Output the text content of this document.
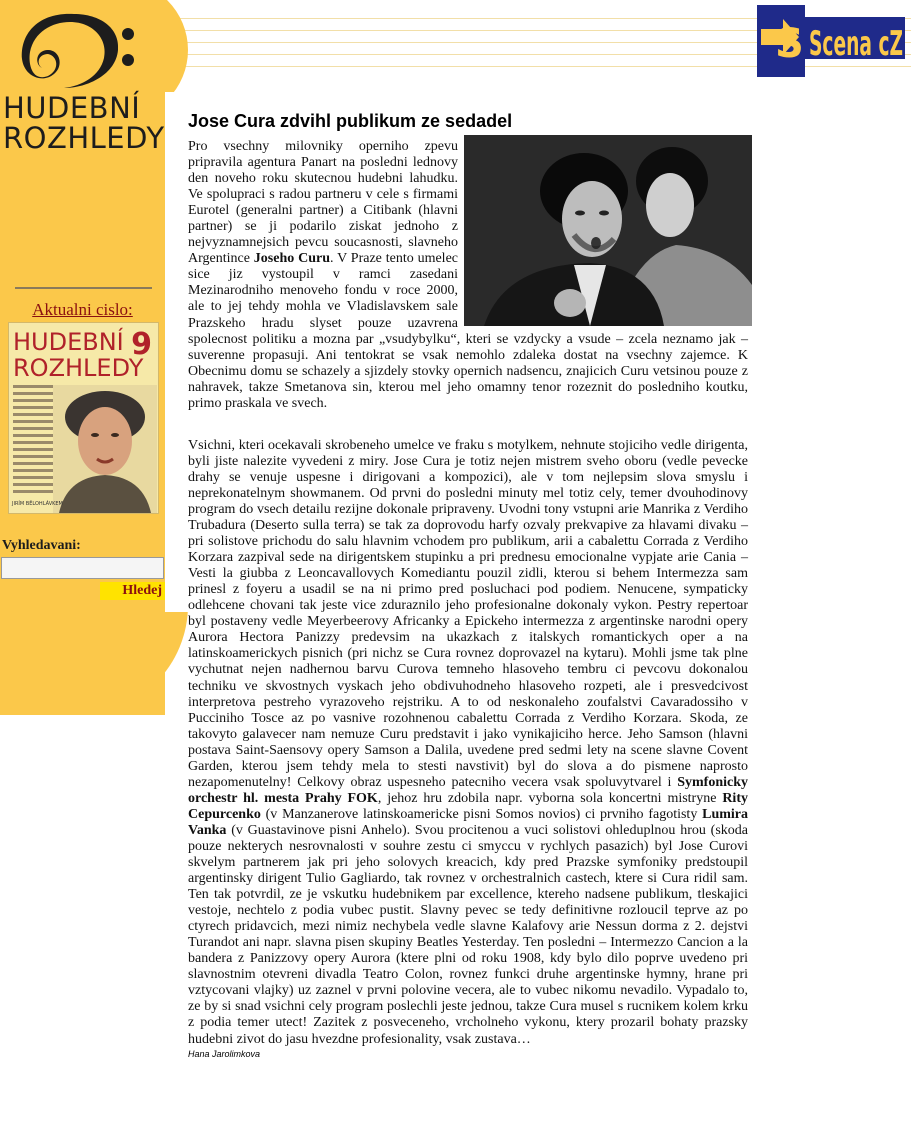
HUDEBNÍ
ROZHLEDY
Aktualni cislo:
HUDEBNÍ
ROZHLEDY
9
JIRÍM BĚLOHLÁVKEM
Vyhledavani:
Hledej
S Scena cZ
Jose Cura zdvihl publikum ze sedadel

Pro vsechny milovniky operniho zpevu pripravila agentura Panart na posledni lednovy den noveho roku skutecnou hudebni lahudku. Ve spolupraci s radou partneru v cele s firmami Eurotel (generalni partner) a Citibank (hlavni partner) se ji podarilo ziskat jednoho z nejvyznamnejsich pevcu soucasnosti, slavneho Argentince Joseho Curu. V Praze tento umelec sice jiz vystoupil v ramci zasedani Mezinarodniho menoveho fondu v roce 2000, ale to jej tehdy mohla ve Vladislavskem sale Prazskeho hradu slyset pouze uzavrena spolecnost politiku a mozna par „vsudybylku“, kteri se vzdycky a vsude – zcela neznamo jak – suverenne propasuji. Ani tentokrat se vsak nemohlo zdaleka dostat na vsechny zajemce. K Obecnimu domu se schazely a sjizdely stovky opernich nadsencu, znajicich Curu vetsinou pouze z nahravek, takze Smetanova sin, kterou mel jeho omamny tenor rozeznit do posledniho koutku, primo praskala ve svech.

Vsichni, kteri ocekavali skrobeneho umelce ve fraku s motylkem, nehnute stojiciho vedle dirigenta, byli jiste nalezite vyvedeni z miry. Jose Cura je totiz nejen mistrem sveho oboru (vedle pevecke drahy se venuje uspesne i dirigovani a kompozici), ale v tom nejlepsim slova smyslu i neprekonatelnym showmanem. Od prvni do posledni minuty mel totiz cely, temer dvouhodinovy program do vsech detailu rezijne dokonale pripraveny. Uvodni tony vstupni arie Manrika z Verdiho Trubadura (Deserto sulla terra) se tak za doprovodu harfy ozvaly prekvapive za hlavami divaku – pri solistove prichodu do salu hlavnim vchodem pro publikum, arii a cabalettu Corrada z Verdiho Korzara zazpival sede na dirigentskem stupinku a pri prednesu emocionalne vypjate arie Cania – Vesti la giubba z Leoncavallovych Komediantu pouzil zidli, kterou si behem Intermezza sam prinesl z foyeru a usadil se na ni primo pred posluchaci pod podiem. Nenucene, sympaticky odlehcene chovani tak jeste vice zduraznilo jeho profesionalne dokonaly vykon. Pestry repertoar byl postaveny vedle Meyerbeerovy Africanky a Epickeho intermezza z argentinske narodni opery Aurora Hectora Panizzy predevsim na ukazkach z italskych romantickych oper a na latinskoamerickych pisnich (pri nichz se Cura rovnez doprovazel na kytaru). Mohli jsme tak plne vychutnat nejen nadhernou barvu Curova temneho hlasoveho tembru ci pevcovu dokonalou techniku ve skvostnych vyskach jeho obdivuhodneho hlasoveho rozpeti, ale i presvedcivost interpretova pestreho vyrazoveho rejstriku. A to od neskonaleho zoufalstvi Cavaradossiho v Pucciniho Tosce az po vasnive rozohnenou cabalettu Corrada z Verdiho Korzara. Skoda, ze takovyto galavecer nam nemuze Curu predstavit i jako vynikajiciho herce. Jeho Samson (hlavni postava Saint-Saensovy opery Samson a Dalila, uvedene pred sedmi lety na scene slavne Covent Garden, kterou jsem tehdy mela to stesti navstivit) byl do slova a do pismene naprosto nezapomenutelny! Celkovy obraz uspesneho patecniho vecera vsak spoluvytvarel i Symfonicky orchestr hl. mesta Prahy FOK, jehoz hru zdobila napr. vyborna sola koncertni mistryne Rity Cepurcenko (v Manzanerove latinskoamericke pisni Somos novios) ci prvniho fagotisty Lumira Vanka (v Guastavinove pisni Anhelo). Svou procitenou a vuci solistovi ohleduplnou hrou (skoda pouze nekterych nesrovnalosti v souhre zestu ci smyccu v rychlych pasazich) byl Jose Curovi skvelym partnerem jak pri jeho solovych kreacich, kdy pred Prazske symfoniky predstoupil argentinsky dirigent Tulio Gagliardo, tak rovnez v orchestralnich castech, ktere si Cura ridil sam. Ten tak potvrdil, ze je vskutku hudebnikem par excellence, ktereho nadsene publikum, tleskajici vestoje, nechtelo z podia vubec pustit. Slavny pevec se tedy definitivne rozloucil teprve az po ctyrech pridavcich, mezi nimiz nechybela vedle slavne Kalafovy arie Nessun dorma z 2. dejstvi Turandot ani napr. slavna pisen skupiny Beatles Yesterday. Ten posledni – Intermezzo Cancion a la bandera z Panizzovy opery Aurora (ktere plni od roku 1908, kdy bylo dilo poprve uvedeno pri slavnostnim otevreni divadla Teatro Colon, rovnez funkci druhe argentinske hymny, hrane pri vztycovani vlajky) uz zaznel v prvni polovine vecera, ale to vubec nikomu nevadilo. Vypadalo to, ze by si snad vsichni cely program poslechli jeste jednou, takze Cura musel s rucnikem kolem krku z podia temer utect! Zazitek z posveceneho, vrcholneho vykonu, ktery prozaril bohaty prazsky hudebni zivot do jasu hvezdne profesionality, vsak zustava…

Hana Jarolimkova
